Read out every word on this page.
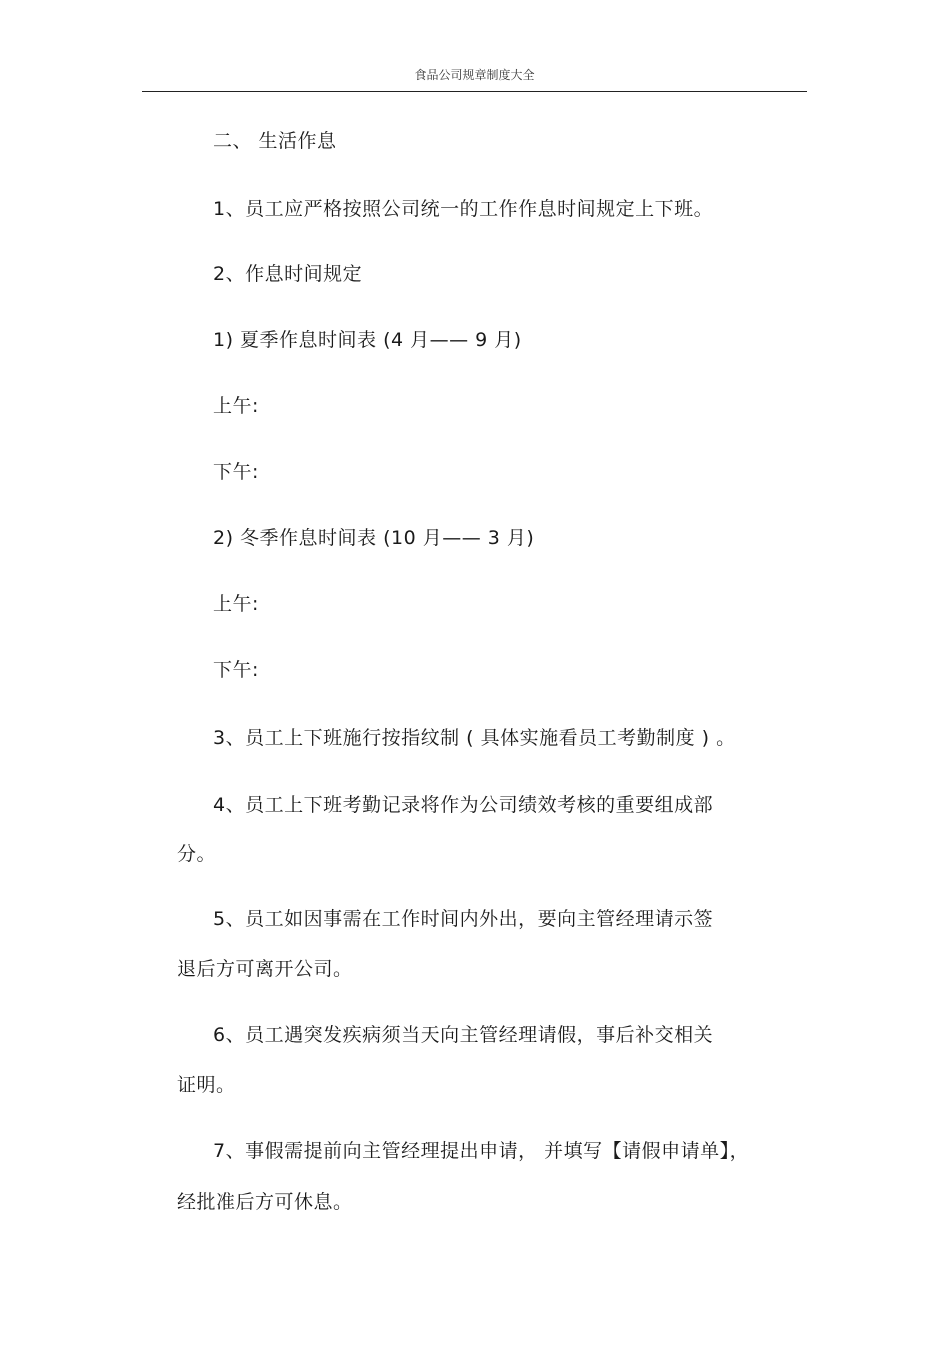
食品公司规章制度大全
二、 生活作息
1、员工应严格按照公司统一的工作作息时间规定上下班。
2、作息时间规定
1) 夏季作息时间表 (4 月—— 9 月)
上午:
下午:
2) 冬季作息时间表 (10 月—— 3 月)
上午:
下午:
3、员工上下班施行按指纹制 ( 具体实施看员工考勤制度 ) 。
4、员工上下班考勤记录将作为公司绩效考核的重要组成部
分。
5、员工如因事需在工作时间内外出，要向主管经理请示签
退后方可离开公司。
6、员工遇突发疾病须当天向主管经理请假，事后补交相关
证明。
7、事假需提前向主管经理提出申请， 并填写【请假申请单】，
经批准后方可休息。
